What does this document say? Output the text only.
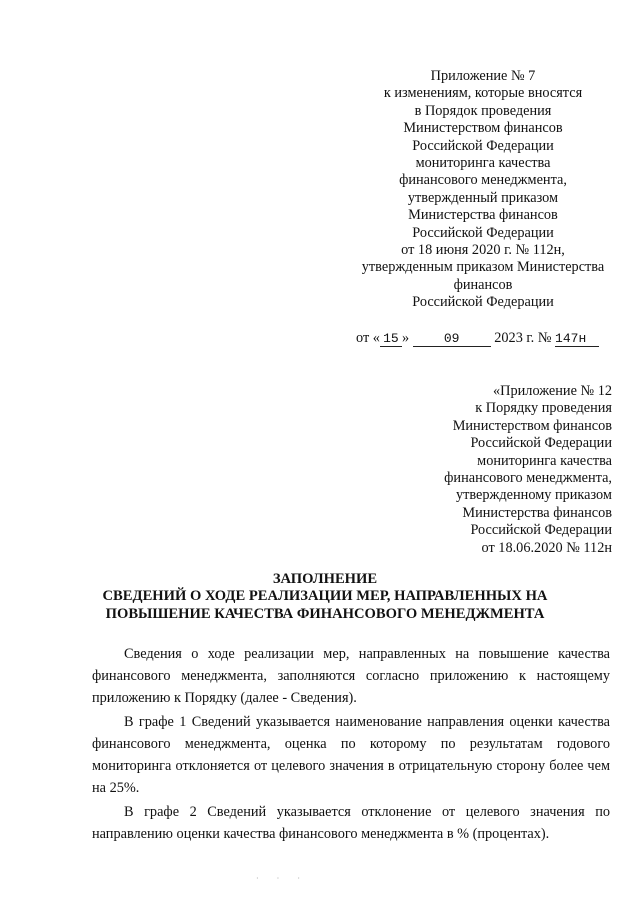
Приложение № 7
к изменениям, которые вносятся
в Порядок проведения
Министерством финансов
Российской Федерации
мониторинга качества
финансового менеджмента,
утвержденный приказом
Министерства финансов
Российской Федерации
от 18 июня 2020 г. № 112н,
утвержденным приказом Министерства
финансов
Российской Федерации
от « 15 »	09 2023 г. № 147н
«Приложение № 12
к Порядку проведения
Министерством финансов
Российской Федерации
мониторинга качества
финансового менеджмента,
утвержденному приказом
Министерства финансов
Российской Федерации
от 18.06.2020 № 112н
ЗАПОЛНЕНИЕ
СВЕДЕНИЙ О ХОДЕ РЕАЛИЗАЦИИ МЕР, НАПРАВЛЕННЫХ НА
ПОВЫШЕНИЕ КАЧЕСТВА ФИНАНСОВОГО МЕНЕДЖМЕНТА

Сведения о ходе реализации мер, направленных на повышение качества финансового менеджмента, заполняются согласно приложению к настоящему приложению к Порядку (далее - Сведения).

В графе 1 Сведений указывается наименование направления оценки качества финансового менеджмента, оценка по которому по результатам годового мониторинга отклоняется от целевого значения в отрицательную сторону более чем на 25%.

В графе 2 Сведений указывается отклонение от целевого значения по направлению оценки качества финансового менеджмента в % (процентах).

· · ·
